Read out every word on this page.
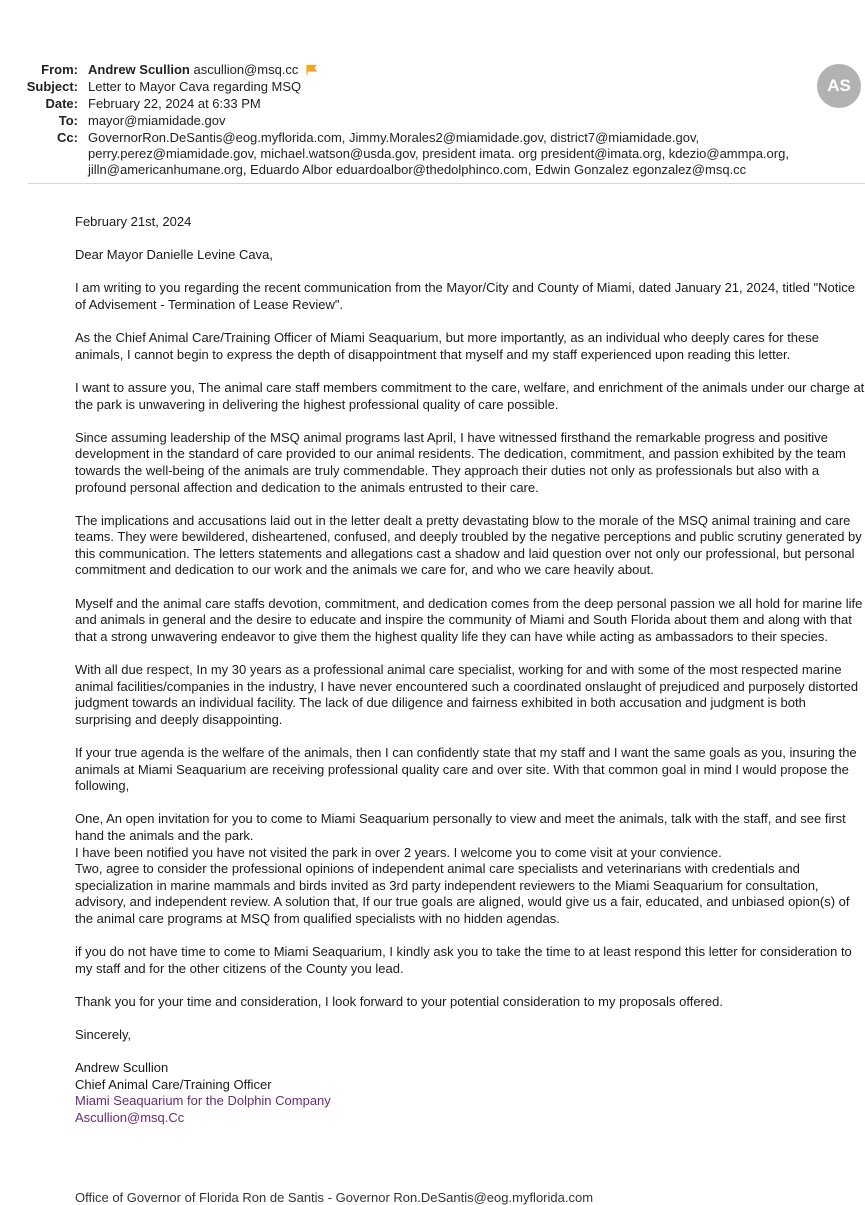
From: Andrew Scullion ascullion@msq.cc
Subject: Letter to Mayor Cava regarding MSQ
Date: February 22, 2024 at 6:33 PM
To: mayor@miamidade.gov
Cc: GovernorRon.DeSantis@eog.myflorida.com, Jimmy.Morales2@miamidade.gov, district7@miamidade.gov, perry.perez@miamidade.gov, michael.watson@usda.gov, president imata. org president@imata.org, kdezio@ammpa.org, jilln@americanhumane.org, Eduardo Albor eduardoalbor@thedolphinco.com, Edwin Gonzalez egonzalez@msq.cc
AS

February 21st, 2024

Dear Mayor Danielle Levine Cava,

I am writing to you regarding the recent communication from the Mayor/City and County of Miami, dated January 21, 2024, titled "Notice of Advisement - Termination of Lease Review".

As the Chief Animal Care/Training Officer of Miami Seaquarium, but more importantly, as an individual who deeply cares for these animals, I cannot begin to express the depth of disappointment that myself and my staff experienced upon reading this letter.

I want to assure you, The animal care staff members commitment to the care, welfare, and enrichment of the animals under our charge at the park is unwavering in delivering the highest professional quality of care possible.

Since assuming leadership of the MSQ animal programs last April, I have witnessed firsthand the remarkable progress and positive development in the standard of care provided to our animal residents. The dedication, commitment, and passion exhibited by the team towards the well-being of the animals are truly commendable. They approach their duties not only as professionals but also with a profound personal affection and dedication to the animals entrusted to their care.

The implications and accusations laid out in the letter dealt a pretty devastating blow to the morale of the MSQ animal training and care teams. They were bewildered, disheartened, confused, and deeply troubled by the negative perceptions and public scrutiny generated by this communication. The letters statements and allegations cast a shadow and laid question over not only our professional, but personal commitment and dedication to our work and the animals we care for, and who we care heavily about.

Myself and the animal care staffs devotion, commitment, and dedication comes from the deep personal passion we all hold for marine life and animals in general and the desire to educate and inspire the community of Miami and South Florida about them and along with that that a strong unwavering endeavor to give them the highest quality life they can have while acting as ambassadors to their species.

With all due respect, In my 30 years as a professional animal care specialist, working for and with some of the most respected marine animal facilities/companies in the industry, I have never encountered such a coordinated onslaught of prejudiced and purposely distorted judgment towards an individual facility. The lack of due diligence and fairness exhibited in both accusation and judgment is both surprising and deeply disappointing.

If your true agenda is the welfare of the animals, then I can confidently state that my staff and I want the same goals as you, insuring the animals at Miami Seaquarium are receiving professional quality care and over site. With that common goal in mind I would propose the following,

One, An open invitation for you to come to Miami Seaquarium personally to view and meet the animals, talk with the staff, and see first hand the animals and the park.
I have been notified you have not visited the park in over 2 years. I welcome you to come visit at your convience.
Two, agree to consider the professional opinions of independent animal care specialists and veterinarians with credentials and specialization in marine mammals and birds invited as 3rd party independent reviewers to the Miami Seaquarium for consultation, advisory, and independent review. A solution that, If our true goals are aligned, would give us a fair, educated, and unbiased opion(s) of the animal care programs at MSQ from qualified specialists with no hidden agendas.

if you do not have time to come to Miami Seaquarium, I kindly ask you to take the time to at least respond this letter for consideration to my staff and for the other citizens of the County you lead.

Thank you for your time and consideration, I look forward to your potential consideration to my proposals offered.

Sincerely,

Andrew Scullion
Chief Animal Care/Training Officer
Miami Seaquarium for the Dolphin Company
Ascullion@msq.Cc

Office of Governor of Florida Ron de Santis - Governor Ron.DeSantis@eog.myflorida.com
